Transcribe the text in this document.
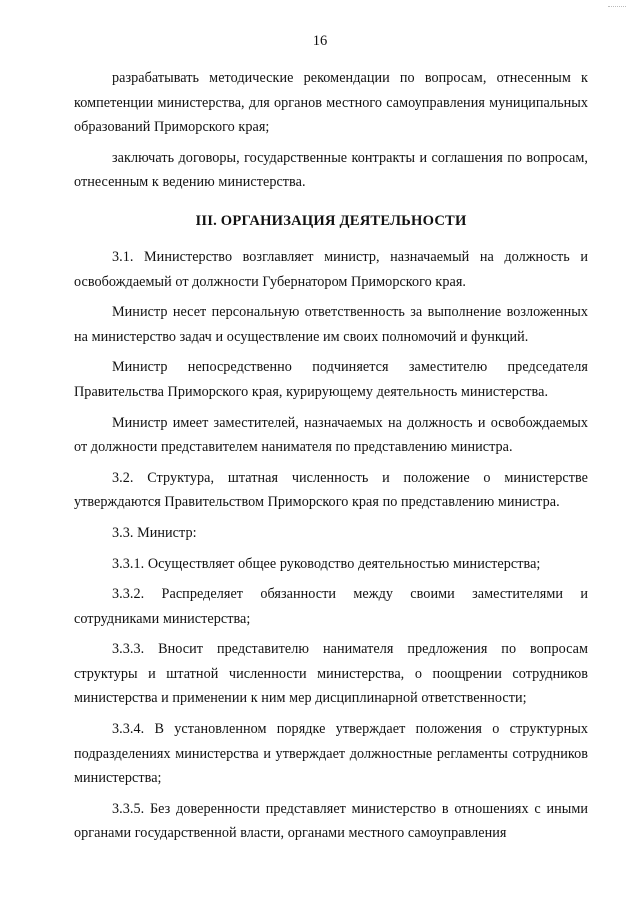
16

разрабатывать методические рекомендации по вопросам, отнесенным к компетенции министерства, для органов местного самоуправления муниципальных образований Приморского края;

заключать договоры, государственные контракты и соглашения по вопросам, отнесенным к ведению министерства.

III. ОРГАНИЗАЦИЯ ДЕЯТЕЛЬНОСТИ

3.1. Министерство возглавляет министр, назначаемый на должность и освобождаемый от должности Губернатором Приморского края.

Министр несет персональную ответственность за выполнение возложенных на министерство задач и осуществление им своих полномочий и функций.

Министр непосредственно подчиняется заместителю председателя Правительства Приморского края, курирующему деятельность министерства.

Министр имеет заместителей, назначаемых на должность и освобождаемых от должности представителем нанимателя по представлению министра.

3.2. Структура, штатная численность и положение о министерстве утверждаются Правительством Приморского края по представлению министра.

3.3. Министр:

3.3.1. Осуществляет общее руководство деятельностью министерства;

3.3.2. Распределяет обязанности между своими заместителями и сотрудниками министерства;

3.3.3. Вносит представителю нанимателя предложения по вопросам структуры и штатной численности министерства, о поощрении сотрудников министерства и применении к ним мер дисциплинарной ответственности;

3.3.4. В установленном порядке утверждает положения о структурных подразделениях министерства и утверждает должностные регламенты сотрудников министерства;

3.3.5. Без доверенности представляет министерство в отношениях с иными органами государственной власти, органами местного самоуправления
